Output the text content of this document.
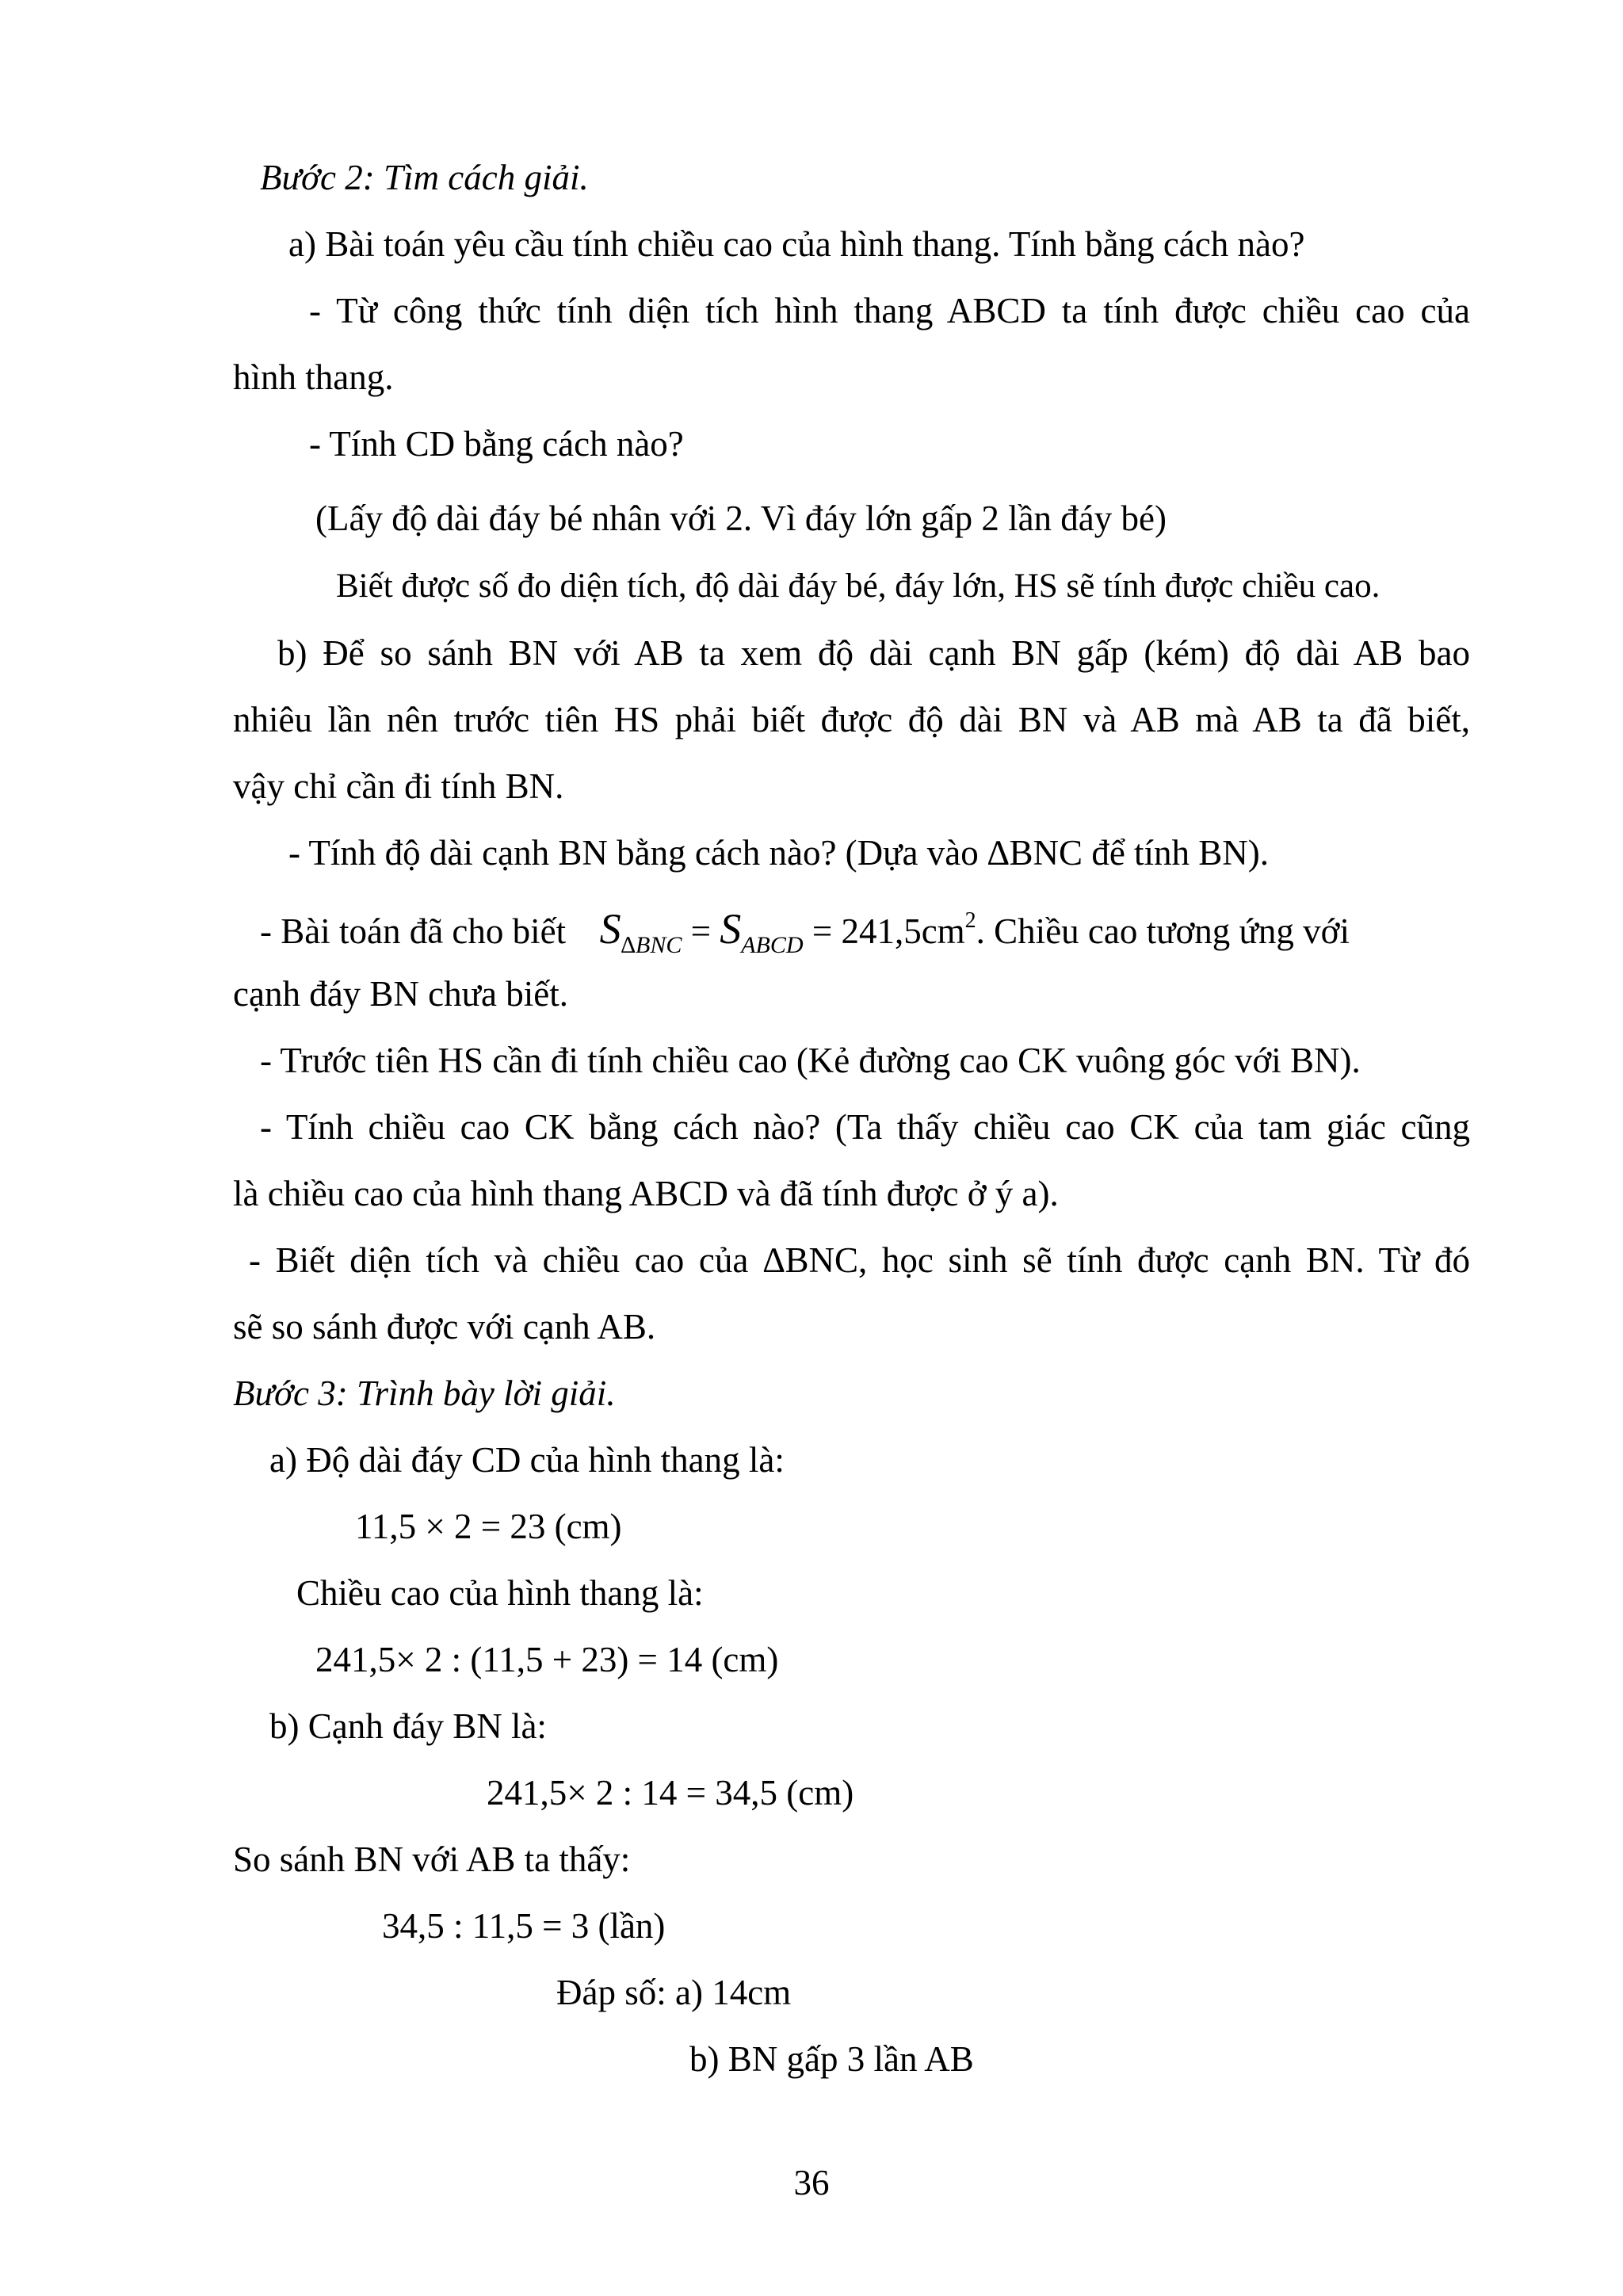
Bước 2: Tìm cách giải.

a) Bài toán yêu cầu tính chiều cao của hình thang. Tính bằng cách nào?

- Từ công thức tính diện tích hình thang ABCD ta tính được chiều cao của

hình thang.

- Tính CD bằng cách nào?

(Lấy độ dài đáy bé nhân với 2. Vì đáy lớn gấp 2 lần đáy bé)

Biết được số đo diện tích, độ dài đáy bé, đáy lớn, HS sẽ tính được chiều cao.

b) Để so sánh BN với AB ta xem độ dài cạnh BN gấp (kém) độ dài AB bao

nhiêu lần nên trước tiên HS phải biết được độ dài BN và AB mà AB ta đã biết,

vậy chỉ cần đi tính BN.

- Tính độ dài cạnh BN bằng cách nào? (Dựa vào ∆BNC để tính BN).

- Bài toán đã cho biết $S_{\Delta BNC} = S_{ABCD} = 241,5cm^2$. Chiều cao tương ứng với

cạnh đáy BN chưa biết.

- Trước tiên HS cần đi tính chiều cao (Kẻ đường cao CK vuông góc với BN).

- Tính chiều cao CK bằng cách nào? (Ta thấy chiều cao CK của tam giác cũng

là chiều cao của hình thang ABCD và đã tính được ở ý a).

- Biết diện tích và chiều cao của ∆BNC, học sinh sẽ tính được cạnh BN. Từ đó

sẽ so sánh được với cạnh AB.

Bước 3: Trình bày lời giải.

a) Độ dài đáy CD của hình thang là:

11,5 × 2 = 23 (cm)

Chiều cao của hình thang là:

241,5× 2 : (11,5 + 23) = 14 (cm)

b) Cạnh đáy BN là:

241,5× 2 : 14 = 34,5 (cm)

So sánh BN với AB ta thấy:

34,5 : 11,5 = 3 (lần)

Đáp số: a) 14cm

b) BN gấp 3 lần AB

36
